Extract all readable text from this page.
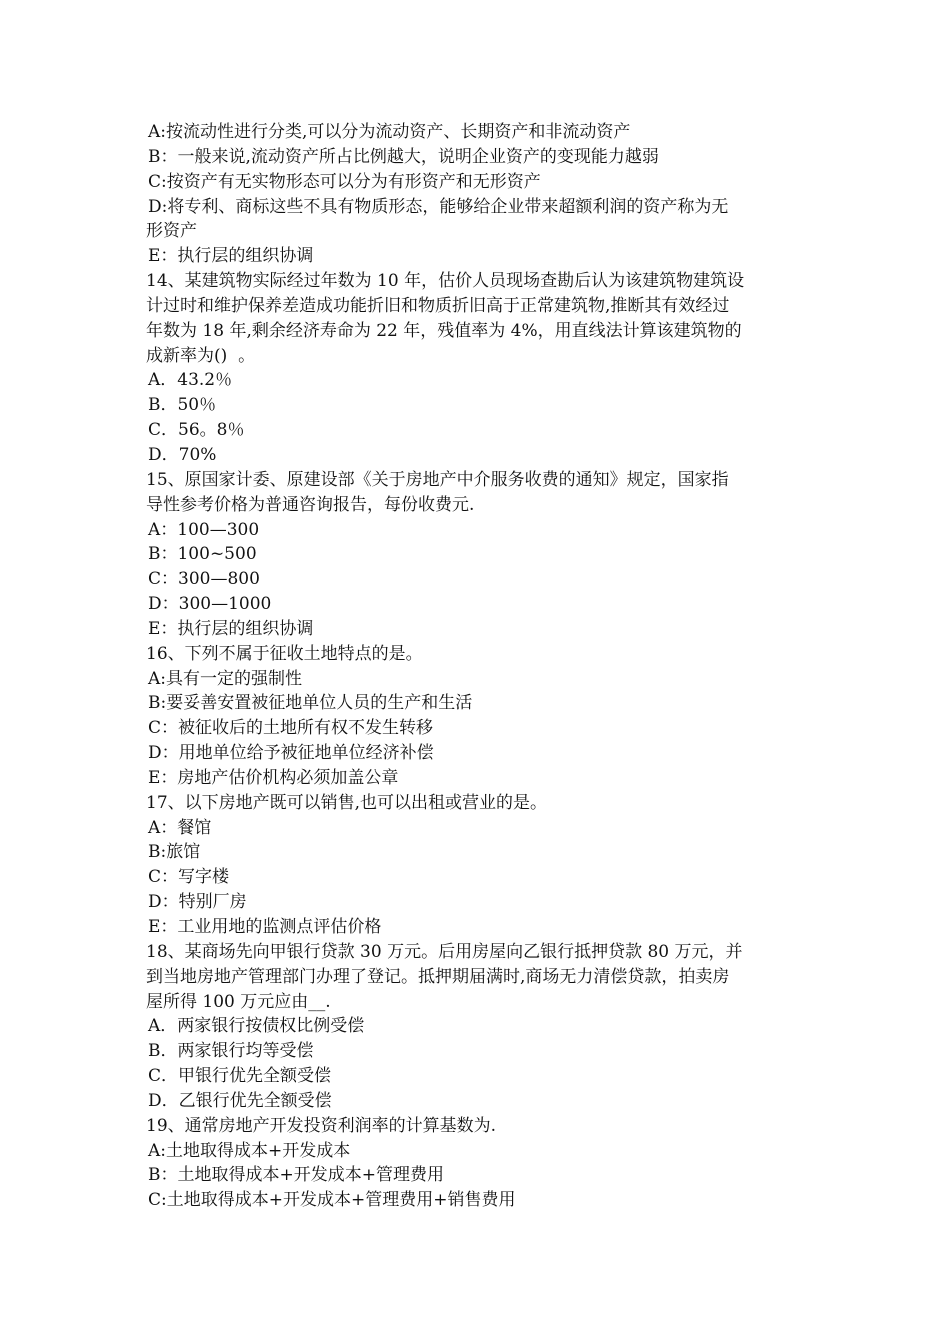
A:按流动性进行分类,可以分为流动资产、长期资产和非流动资产

B：一般来说,流动资产所占比例越大，说明企业资产的变现能力越弱

C:按资产有无实物形态可以分为有形资产和无形资产

D:将专利、商标这些不具有物质形态，能够给企业带来超额利润的资产称为无

形资产

E：执行层的组织协调

14、某建筑物实际经过年数为 10 年，估价人员现场查勘后认为该建筑物建筑设

计过时和维护保养差造成功能折旧和物质折旧高于正常建筑物,推断其有效经过

年数为 18 年,剩余经济寿命为 22 年，残值率为 4%，用直线法计算该建筑物的

成新率为()  。

A．43.2％

B．50％

C．56。8％

D．70%

15、原国家计委、原建设部《关于房地产中介服务收费的通知》规定，国家指

导性参考价格为普通咨询报告，每份收费元.

A：100—300

B：100~500

C：300—800

D：300—1000

E：执行层的组织协调

16、下列不属于征收土地特点的是。

A:具有一定的强制性

B:要妥善安置被征地单位人员的生产和生活

C：被征收后的土地所有权不发生转移

D：用地单位给予被征地单位经济补偿

E：房地产估价机构必须加盖公章

17、以下房地产既可以销售,也可以出租或营业的是。

A：餐馆

B:旅馆

C：写字楼

D：特别厂房

E：工业用地的监测点评估价格

18、某商场先向甲银行贷款 30 万元。后用房屋向乙银行抵押贷款 80 万元，并

到当地房地产管理部门办理了登记。抵押期届满时,商场无力清偿贷款，拍卖房

屋所得 100 万元应由__.

A．两家银行按债权比例受偿

B．两家银行均等受偿

C．甲银行优先全额受偿

D．乙银行优先全额受偿

19、通常房地产开发投资利润率的计算基数为.

A:土地取得成本+开发成本

B：土地取得成本+开发成本+管理费用

C:土地取得成本+开发成本+管理费用+销售费用
